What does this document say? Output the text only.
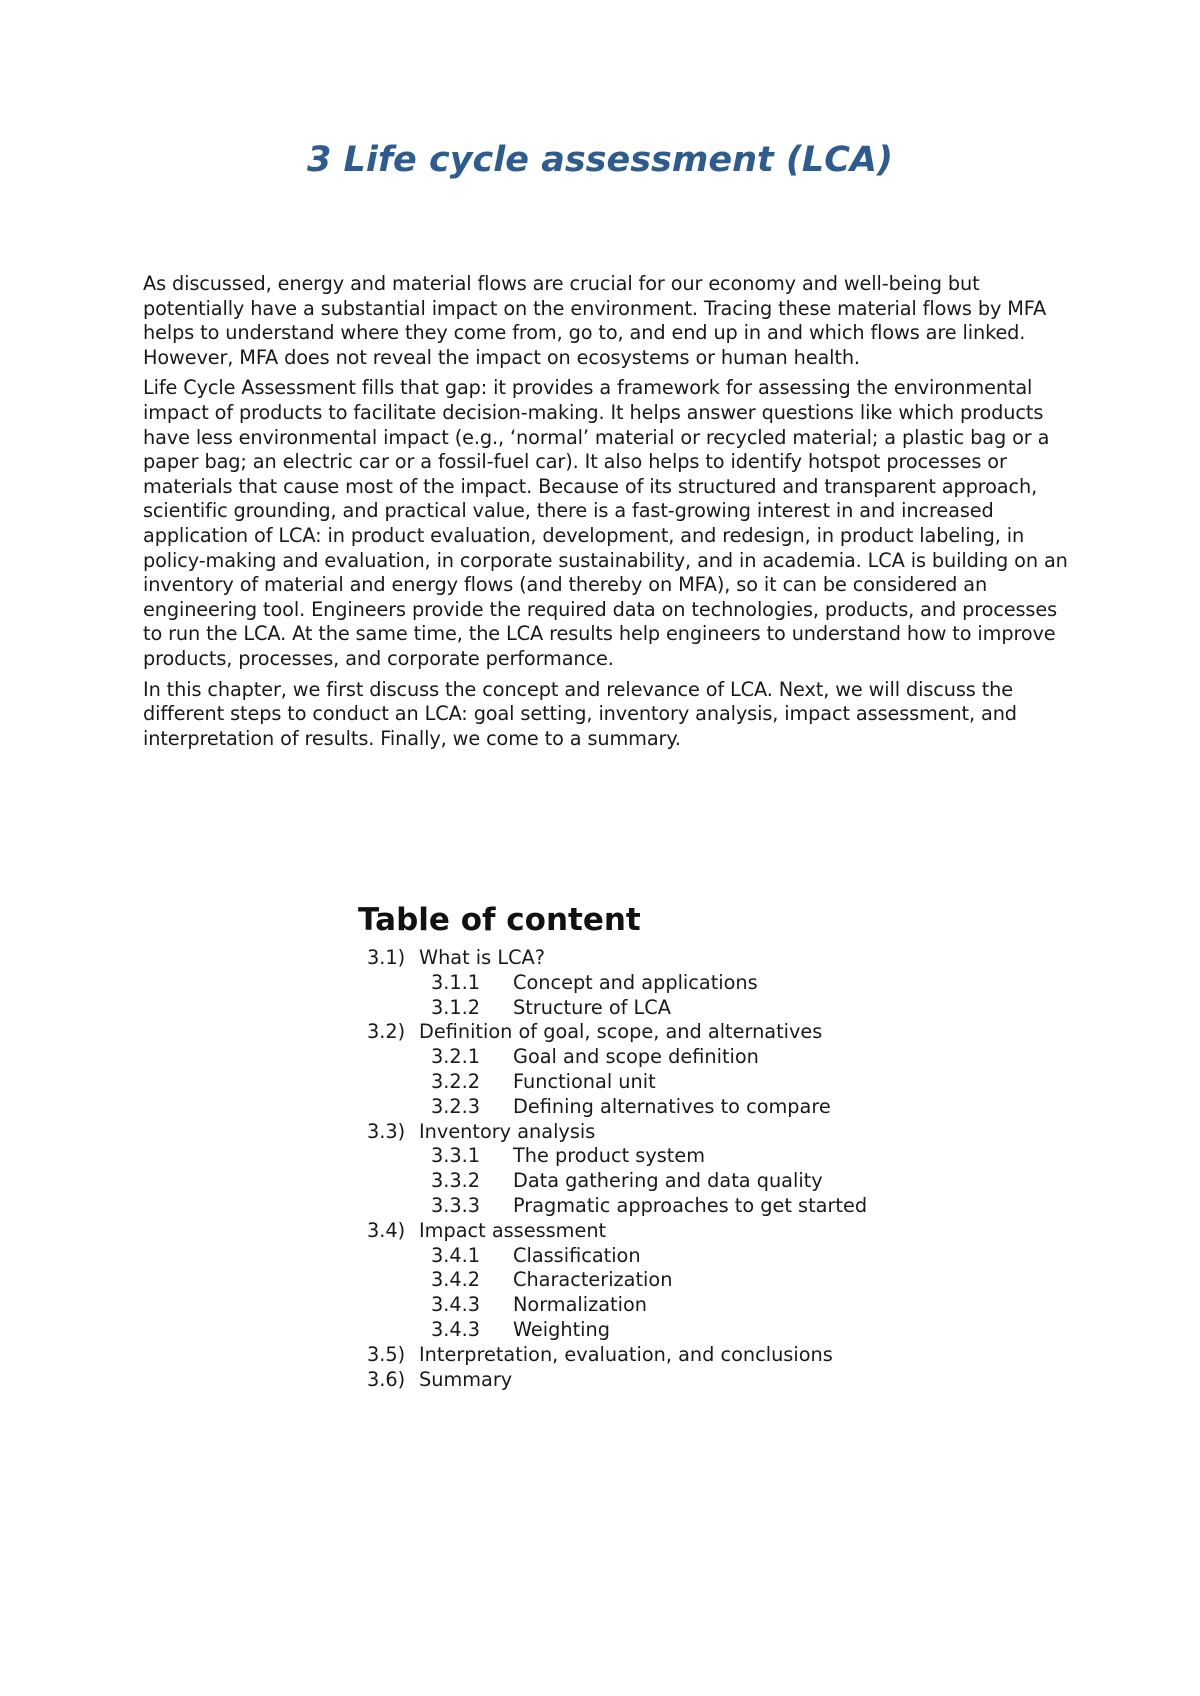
3 Life cycle assessment (LCA)

As discussed, energy and material flows are crucial for our economy and well-being but potentially have a substantial impact on the environment. Tracing these material flows by MFA helps to understand where they come from, go to, and end up in and which flows are linked. However, MFA does not reveal the impact on ecosystems or human health.

Life Cycle Assessment fills that gap: it provides a framework for assessing the environmental impact of products to facilitate decision-making. It helps answer questions like which products have less environmental impact (e.g., ‘normal’ material or recycled material; a plastic bag or a paper bag; an electric car or a fossil-fuel car). It also helps to identify hotspot processes or materials that cause most of the impact. Because of its structured and transparent approach, scientific grounding, and practical value, there is a fast-growing interest in and increased application of LCA: in product evaluation, development, and redesign, in product labeling, in policy-making and evaluation, in corporate sustainability, and in academia. LCA is building on an inventory of material and energy flows (and thereby on MFA), so it can be considered an engineering tool. Engineers provide the required data on technologies, products, and processes to run the LCA. At the same time, the LCA results help engineers to understand how to improve products, processes, and corporate performance.

In this chapter, we first discuss the concept and relevance of LCA. Next, we will discuss the different steps to conduct an LCA: goal setting, inventory analysis, impact assessment, and interpretation of results. Finally, we come to a summary.

Table of content
3.1) What is LCA?
3.1.1 Concept and applications
3.1.2 Structure of LCA
3.2) Definition of goal, scope, and alternatives
3.2.1 Goal and scope definition
3.2.2 Functional unit
3.2.3 Defining alternatives to compare
3.3) Inventory analysis
3.3.1 The product system
3.3.2 Data gathering and data quality
3.3.3 Pragmatic approaches to get started
3.4) Impact assessment
3.4.1 Classification
3.4.2 Characterization
3.4.3 Normalization
3.4.3 Weighting
3.5) Interpretation, evaluation, and conclusions
3.6) Summary
